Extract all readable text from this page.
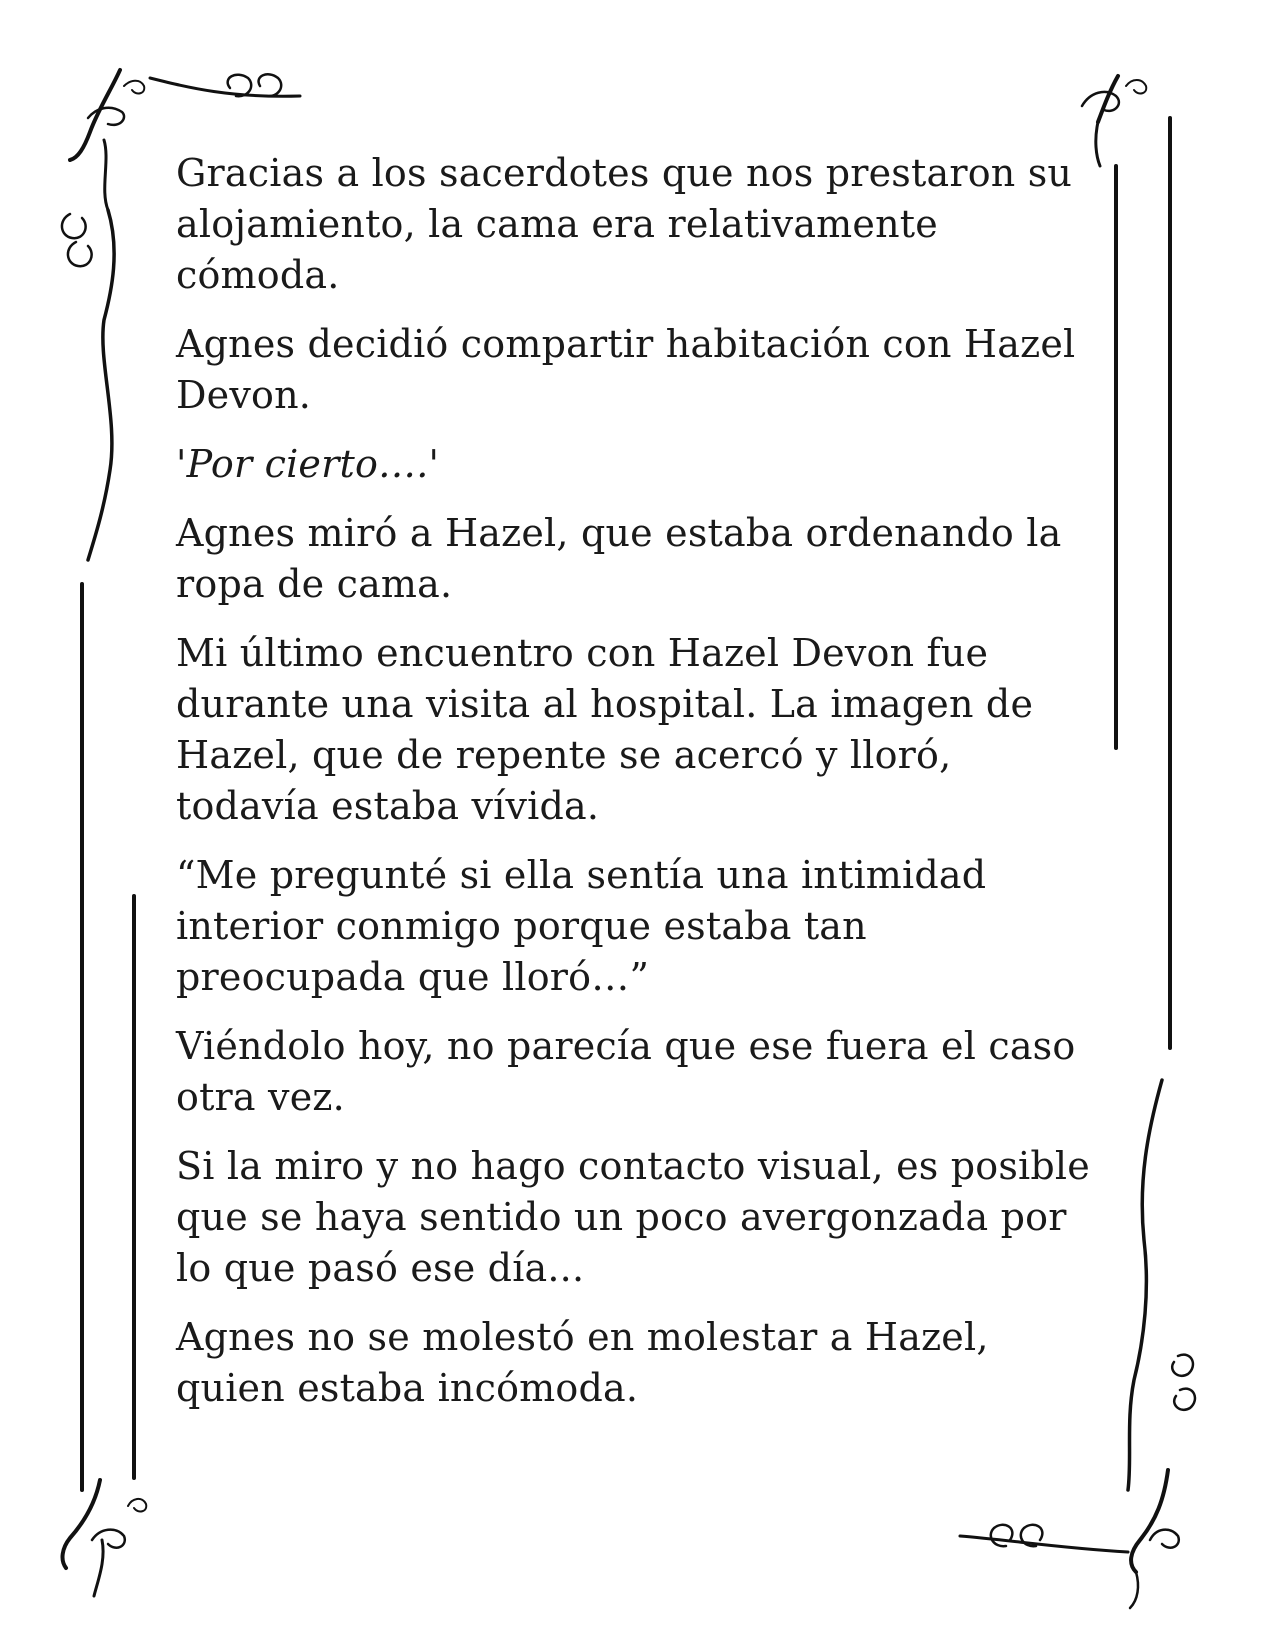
Gracias a los sacerdotes que nos prestaron su alojamiento, la cama era relativamente cómoda.

Agnes decidió compartir habitación con Hazel Devon.

'Por cierto….'

Agnes miró a Hazel, que estaba ordenando la ropa de cama.

Mi último encuentro con Hazel Devon fue durante una visita al hospital. La imagen de Hazel, que de repente se acercó y lloró, todavía estaba vívida.

“Me pregunté si ella sentía una intimidad interior conmigo porque estaba tan preocupada que lloró…”

Viéndolo hoy, no parecía que ese fuera el caso otra vez.

Si la miro y no hago contacto visual, es posible que se haya sentido un poco avergonzada por lo que pasó ese día...

Agnes no se molestó en molestar a Hazel, quien estaba incómoda.
